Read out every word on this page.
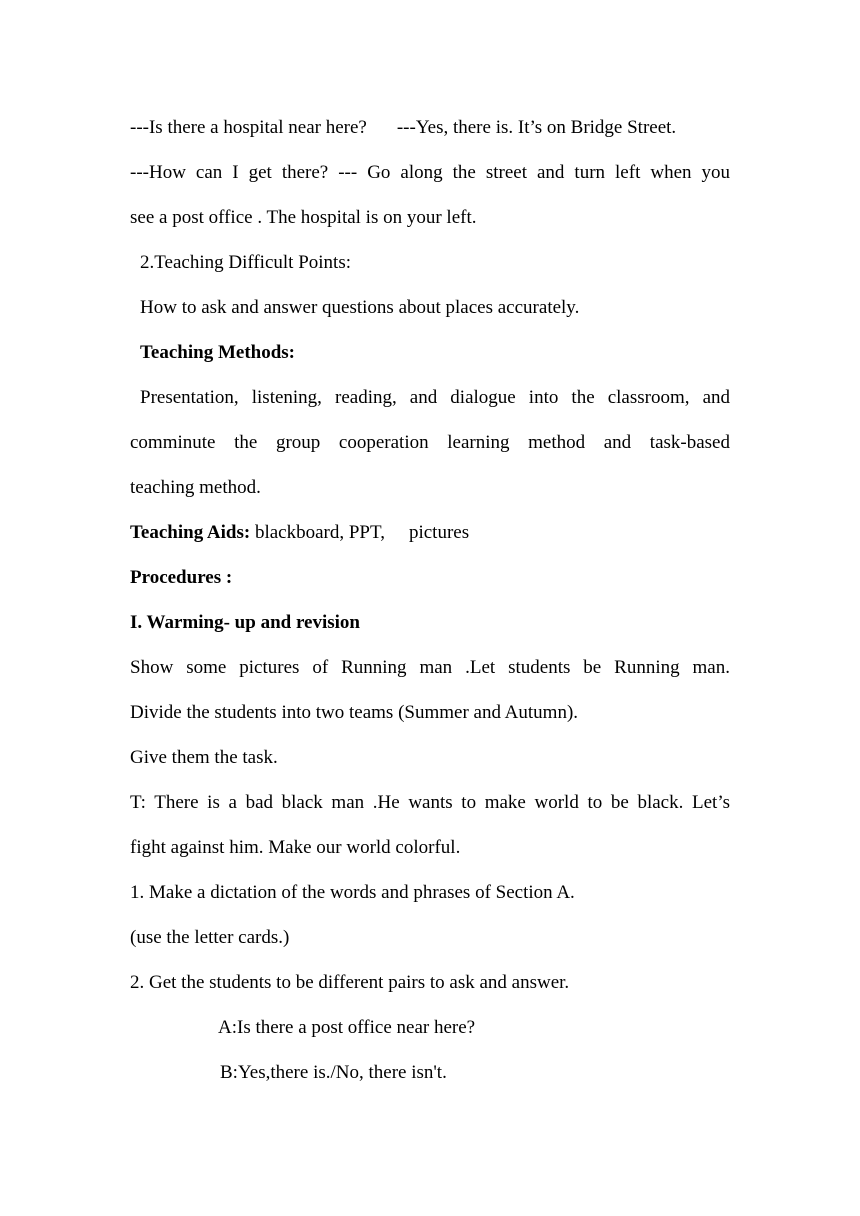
---Is there a hospital near here? ---Yes, there is. It’s on Bridge Street.

---How can I get there? --- Go along the street and turn left when you

see a post office . The hospital is on your left.

2.Teaching Difficult Points:

How to ask and answer questions about places accurately.

Teaching Methods:

Presentation, listening, reading, and dialogue into the classroom, and

comminute the group cooperation learning method and task-based

teaching method.

Teaching Aids: blackboard, PPT, pictures

Procedures :

I. Warming- up and revision

Show some pictures of Running man .Let students be Running man.

Divide the students into two teams (Summer and Autumn).

Give them the task.

T: There is a bad black man .He wants to make world to be black. Let’s

fight against him. Make our world colorful.

1. Make a dictation of the words and phrases of Section A.

(use the letter cards.)

2. Get the students to be different pairs to ask and answer.

A:Is there a post office near here?

B:Yes,there is./No, there isn't.
